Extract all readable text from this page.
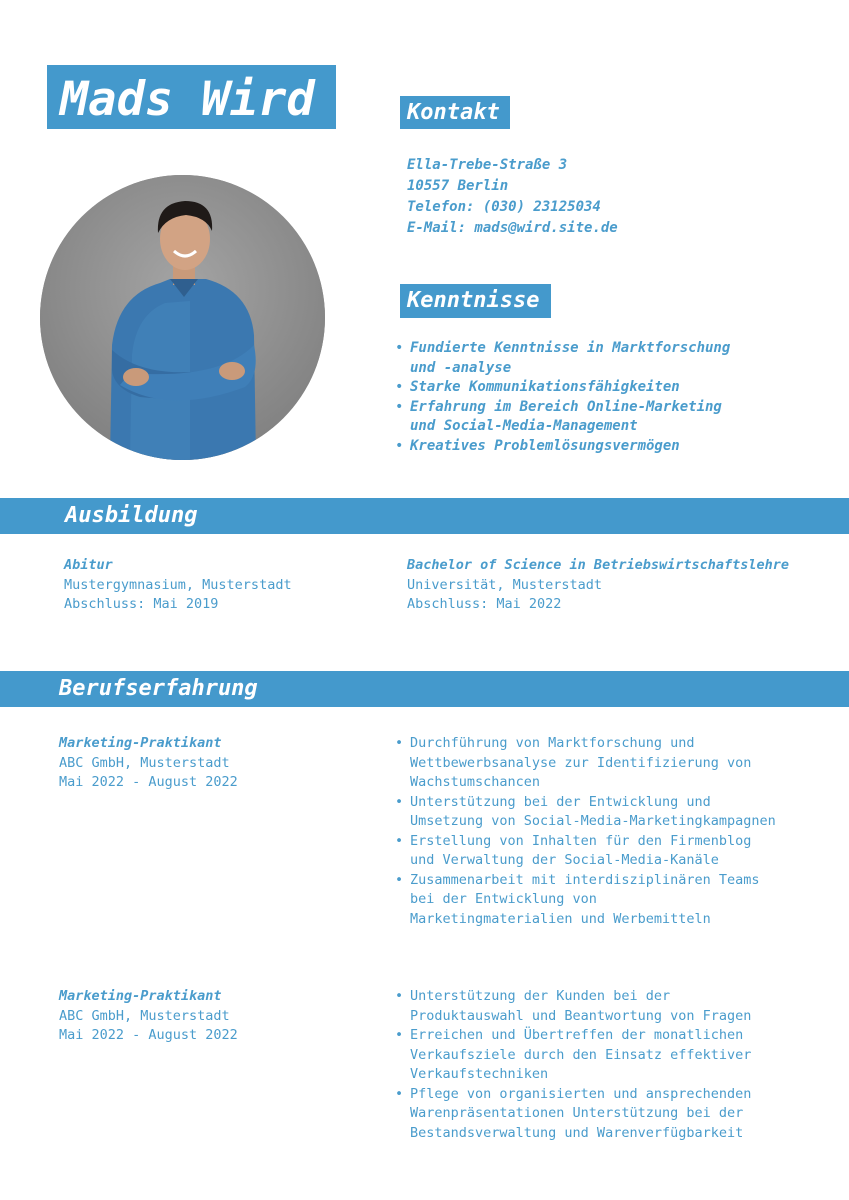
Mads Wird	Kontakt
Ella-Trebe-Straße 3
10557 Berlin
Telefon: (030) 23125034
E-Mail: mads@wird.site.de
Kenntnisse
• Fundierte Kenntnisse in Marktforschung
und -analyse
• Starke Kommunikationsfähigkeiten
• Erfahrung im Bereich Online-Marketing
und Social-Media-Management
• Kreatives Problemlösungsvermögen
Ausbildung
Abitur
Mustergymnasium, Musterstadt
Abschluss: Mai 2019
Bachelor of Science in Betriebswirtschaftslehre
Universität, Musterstadt
Abschluss: Mai 2022
Berufserfahrung
Marketing-Praktikant
ABC GmbH, Musterstadt
Mai 2022 - August 2022
• Durchführung von Marktforschung und
Wettbewerbsanalyse zur Identifizierung von
Wachstumschancen
• Unterstützung bei der Entwicklung und
Umsetzung von Social-Media-Marketingkampagnen
• Erstellung von Inhalten für den Firmenblog
und Verwaltung der Social-Media-Kanäle
• Zusammenarbeit mit interdisziplinären Teams
bei der Entwicklung von
Marketingmaterialien und Werbemitteln
Marketing-Praktikant
ABC GmbH, Musterstadt
Mai 2022 - August 2022
• Unterstützung der Kunden bei der
Produktauswahl und Beantwortung von Fragen
• Erreichen und Übertreffen der monatlichen
Verkaufsziele durch den Einsatz effektiver
Verkaufstechniken
• Pflege von organisierten und ansprechenden
Warenpräsentationen Unterstützung bei der
Bestandsverwaltung und Warenverfügbarkeit
